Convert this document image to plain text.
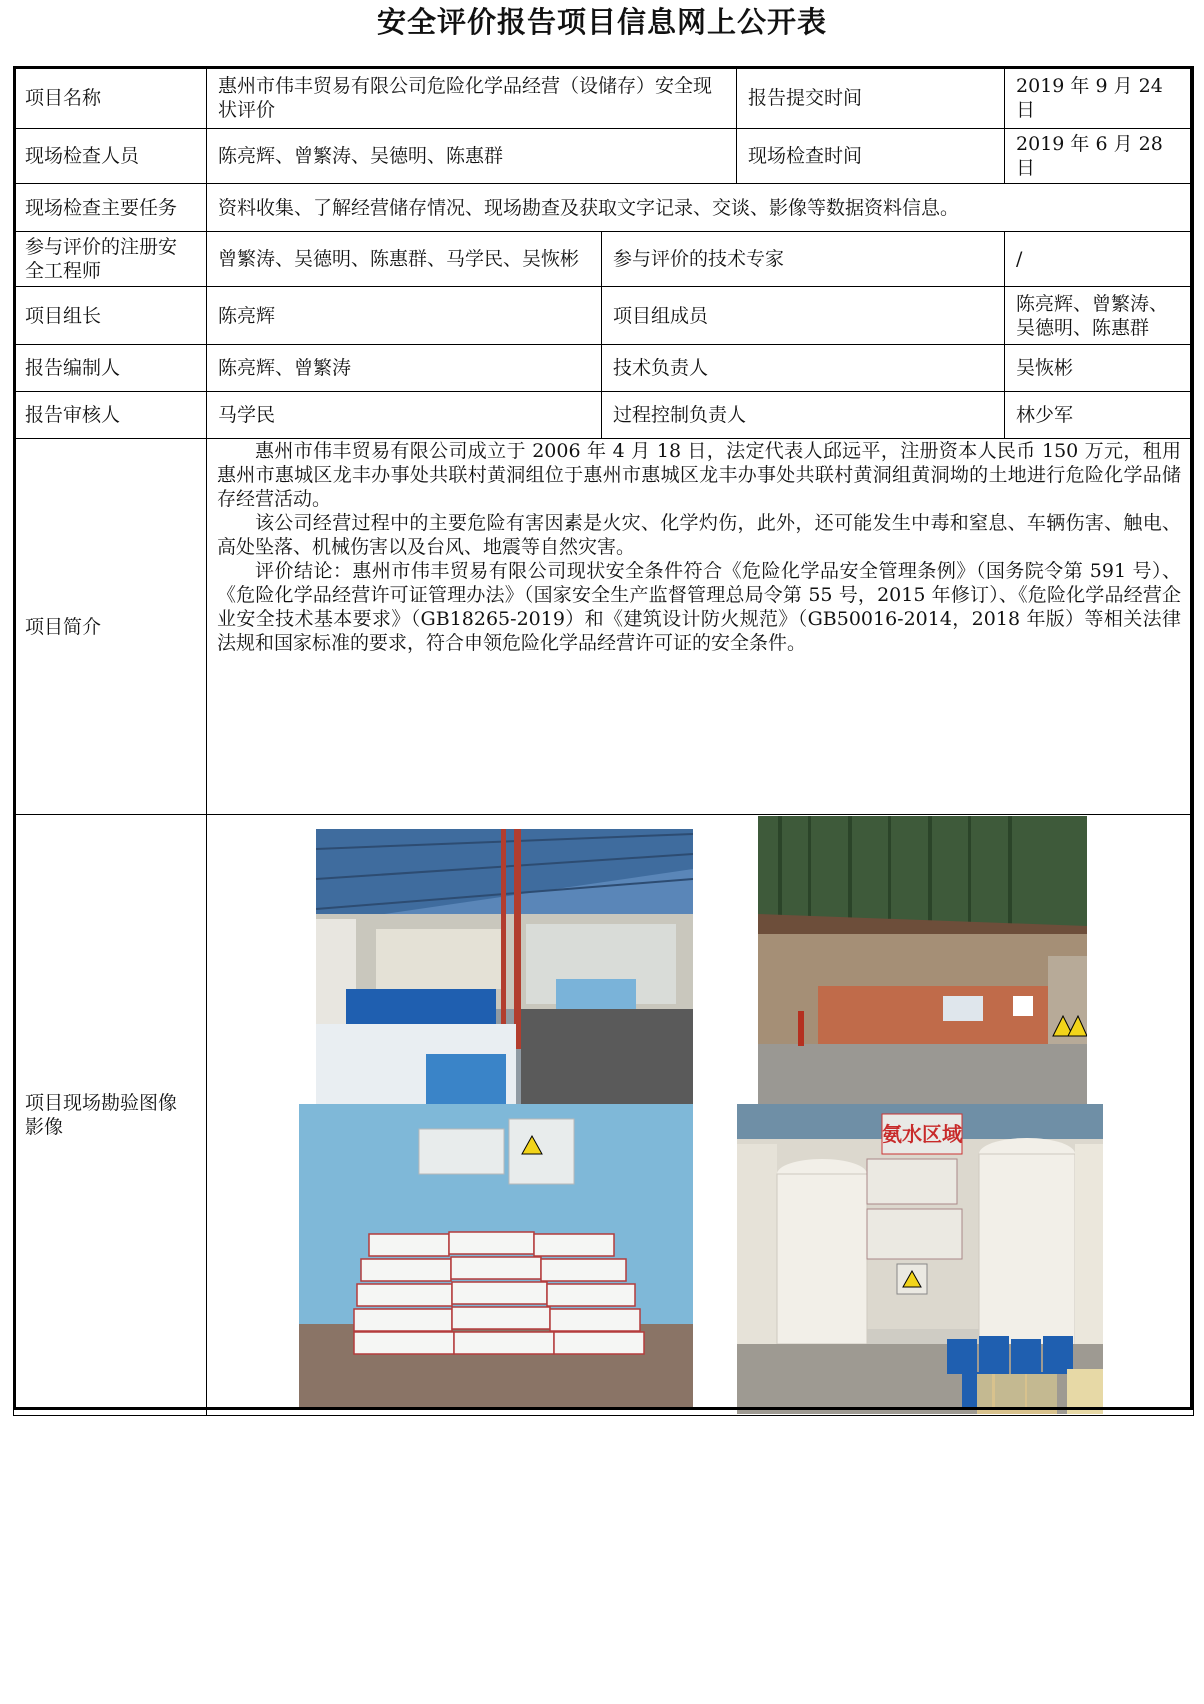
安全评价报告项目信息网上公开表
项目名称	惠州市伟丰贸易有限公司危险化学品经营（设储存）安全现状评价		报告提交时间	2019 年 9 月 24 日
现场检查人员	陈亮辉、曾繁涛、吴德明、陈惠群		现场检查时间	2019 年 6 月 28 日
现场检查主要任务	资料收集、了解经营储存情况、现场勘查及获取文字记录、交谈、影像等数据资料信息。			
参与评价的注册安全工程师	曾繁涛、吴德明、陈惠群、马学民、吴恢彬	参与评价的技术专家		/
项目组长	陈亮辉	项目组成员		陈亮辉、曾繁涛、吴德明、陈惠群
报告编制人	陈亮辉、曾繁涛	技术负责人		吴恢彬
报告审核人	马学民	过程控制负责人		林少军
项目简介	惠州市伟丰贸易有限公司成立于 2006 年 4 月 18 日，法定代表人邱远平，注册资本人民币 150 万元，租用惠州市惠城区龙丰办事处共联村黄洞组位于惠州市惠城区龙丰办事处共联村黄洞组黄洞坳的土地进行危险化学品储存经营活动。

该公司经营过程中的主要危险有害因素是火灾、化学灼伤，此外，还可能发生中毒和窒息、车辆伤害、触电、高处坠落、机械伤害以及台风、地震等自然灾害。

评价结论：惠州市伟丰贸易有限公司现状安全条件符合《危险化学品安全管理条例》（国务院令第 591 号）、《危险化学品经营许可证管理办法》（国家安全生产监督管理总局令第 55 号，2015 年修订）、《危险化学品经营企业安全技术基本要求》（GB18265-2019）和《建筑设计防火规范》（GB50016-2014，2018 年版）等相关法律法规和国家标准的要求，符合申领危险化学品经营许可证的安全条件。			

项目现场勘验图像影像	氨水区域			
